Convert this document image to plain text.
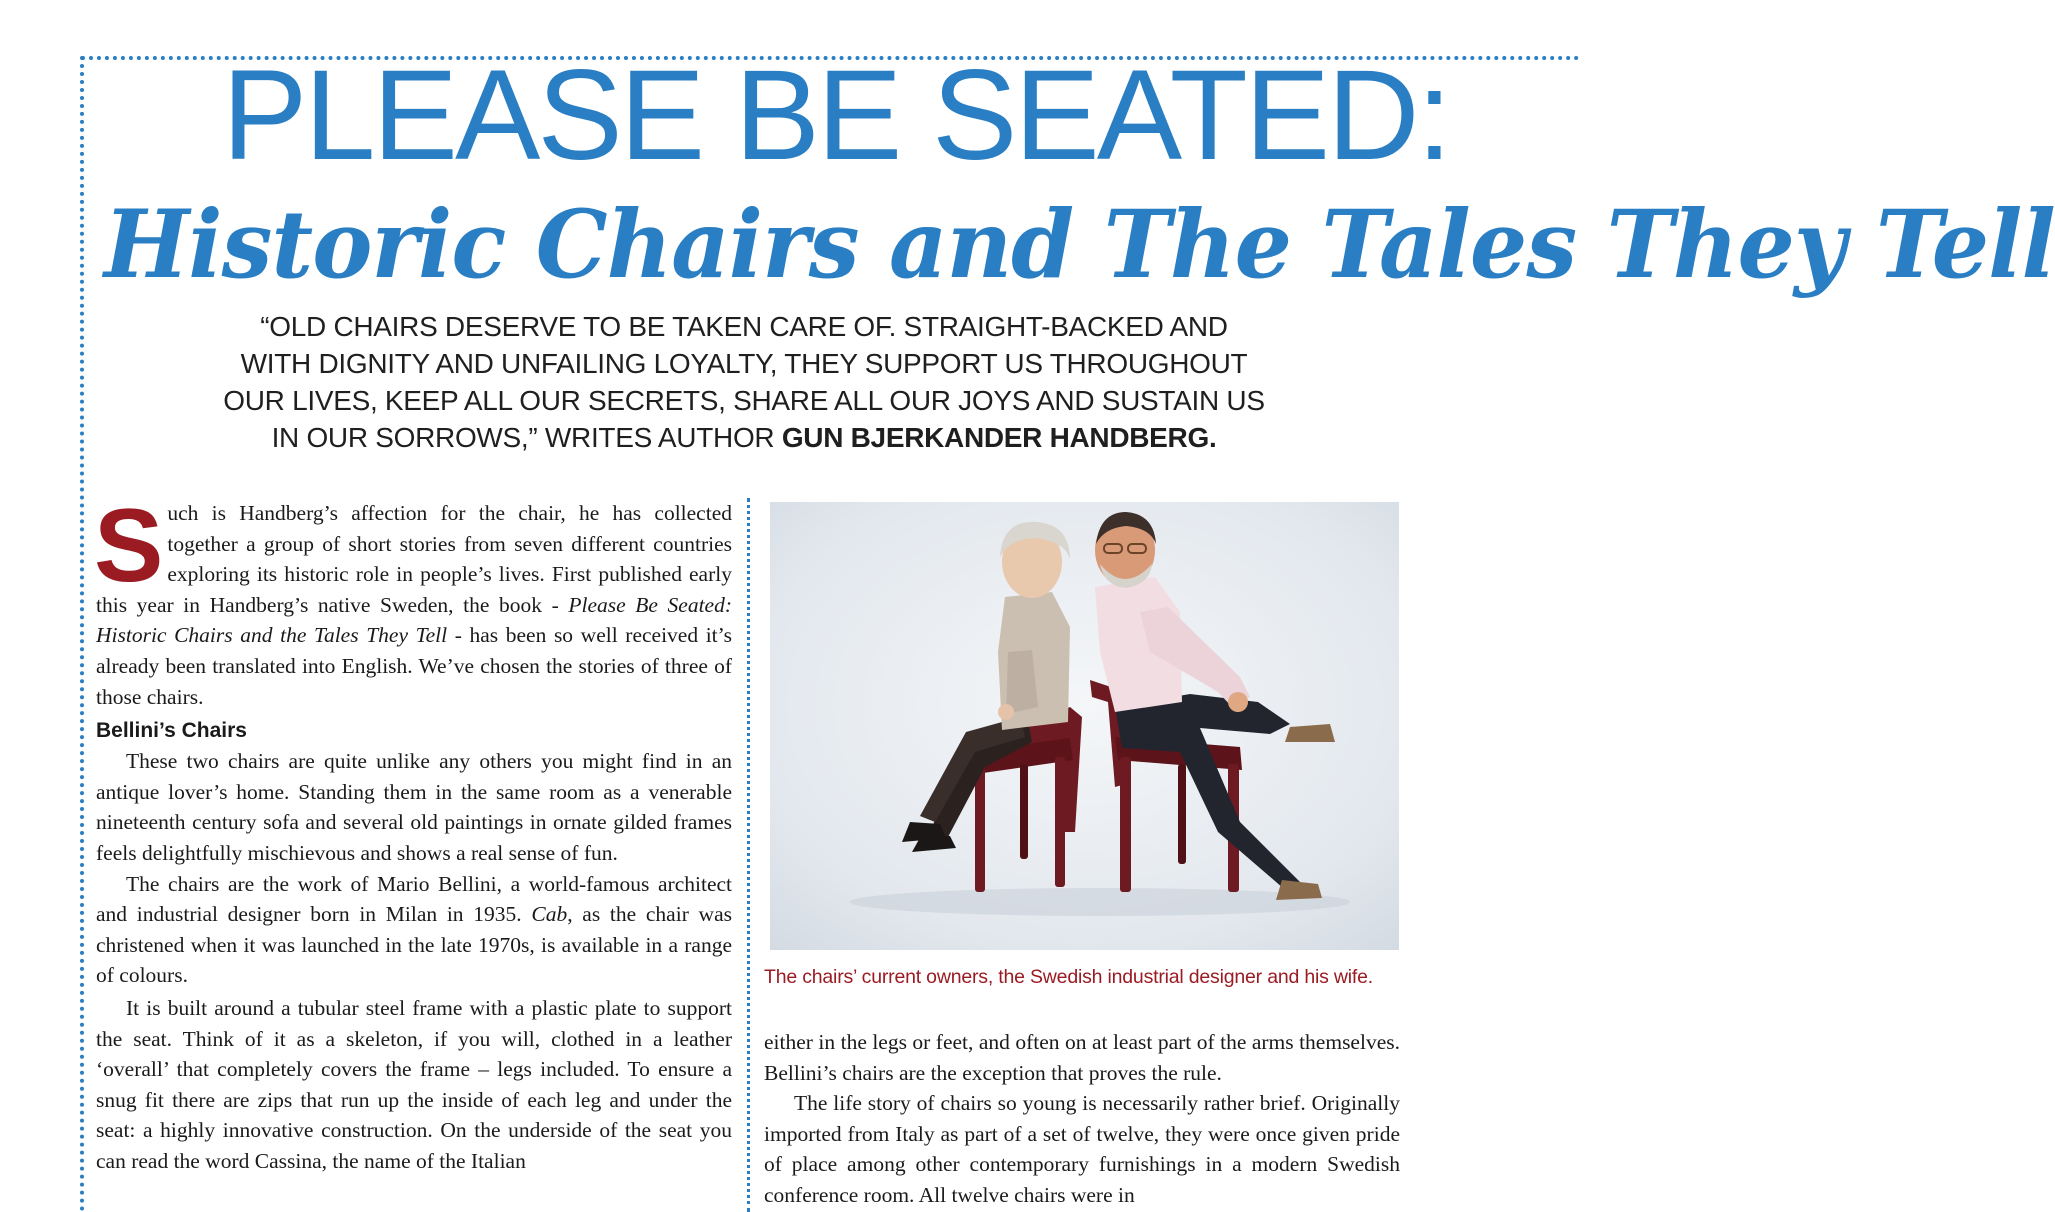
PLEASE BE SEATED:
Historic Chairs and The Tales They Tell

“OLD CHAIRS DESERVE TO BE TAKEN CARE OF. STRAIGHT-BACKED AND WITH DIGNITY AND UNFAILING LOYALTY, THEY SUPPORT US THROUGHOUT OUR LIVES, KEEP ALL OUR SECRETS, SHARE ALL OUR JOYS AND SUSTAIN US IN OUR SORROWS,” WRITES AUTHOR GUN BJERKANDER HANDBERG.

Such is Handberg’s affection for the chair, he has collected together a group of short stories from seven different countries exploring its historic role in people’s lives. First published early this year in Handberg’s native Sweden, the book - Please Be Seated: Historic Chairs and the Tales They Tell - has been so well received it’s already been translated into English. We’ve chosen the stories of three of those chairs.

Bellini’s Chairs

These two chairs are quite unlike any others you might find in an antique lover’s home. Standing them in the same room as a venerable nineteenth century sofa and several old paintings in ornate gilded frames feels delightfully mischievous and shows a real sense of fun.

The chairs are the work of Mario Bellini, a world-famous architect and industrial designer born in Milan in 1935. Cab, as the chair was christened when it was launched in the late 1970s, is available in a range of colours.

It is built around a tubular steel frame with a plastic plate to support the seat. Think of it as a skeleton, if you will, clothed in a leather ‘overall’ that completely covers the frame – legs included. To ensure a snug fit there are zips that run up the inside of each leg and under the seat: a highly innovative construction. On the underside of the seat you can read the word Cassina, the name of the Italian

The chairs’ current owners, the Swedish industrial designer and his wife.

either in the legs or feet, and often on at least part of the arms themselves. Bellini’s chairs are the exception that proves the rule.

The life story of chairs so young is necessarily rather brief. Originally imported from Italy as part of a set of twelve, they were once given pride of place among other contemporary furnishings in a modern Swedish conference room. All twelve chairs were in
